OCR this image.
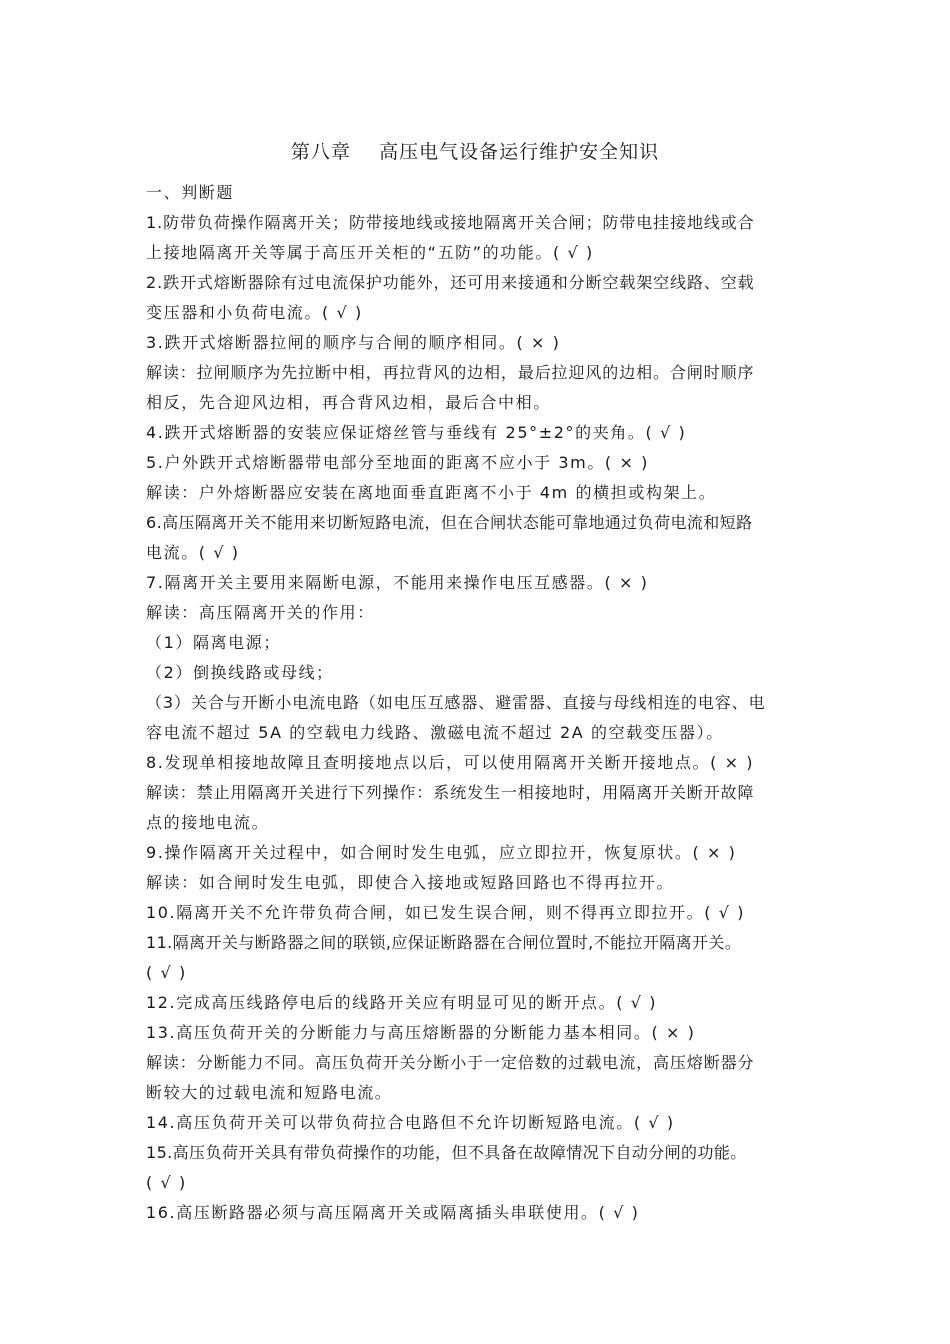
第八章    高压电气设备运行维护安全知识
一、判断题
1.防带负荷操作隔离开关；防带接地线或接地隔离开关合闸；防带电挂接地线或合
上接地隔离开关等属于高压开关柜的“五防”的功能。( √ )
2.跌开式熔断器除有过电流保护功能外，还可用来接通和分断空载架空线路、空载
变压器和小负荷电流。( √ )
3.跌开式熔断器拉闸的顺序与合闸的顺序相同。( × )
解读：拉闸顺序为先拉断中相，再拉背风的边相，最后拉迎风的边相。合闸时顺序
相反，先合迎风边相，再合背风边相，最后合中相。
4.跌开式熔断器的安装应保证熔丝管与垂线有 25°±2°的夹角。( √ )
5.户外跌开式熔断器带电部分至地面的距离不应小于 3m。( × )
解读：户外熔断器应安装在离地面垂直距离不小于 4m 的横担或构架上。
6.高压隔离开关不能用来切断短路电流，但在合闸状态能可靠地通过负荷电流和短路
电流。( √ )
7.隔离开关主要用来隔断电源，不能用来操作电压互感器。( × )
解读：高压隔离开关的作用：
（1）隔离电源；
（2）倒换线路或母线；
（3）关合与开断小电流电路（如电压互感器、避雷器、直接与母线相连的电容、电
容电流不超过 5A 的空载电力线路、激磁电流不超过 2A 的空载变压器）。
8.发现单相接地故障且查明接地点以后，可以使用隔离开关断开接地点。( × )
解读：禁止用隔离开关进行下列操作：系统发生一相接地时，用隔离开关断开故障
点的接地电流。
9.操作隔离开关过程中，如合闸时发生电弧，应立即拉开，恢复原状。( × )
解读：如合闸时发生电弧，即使合入接地或短路回路也不得再拉开。
10.隔离开关不允许带负荷合闸，如已发生误合闸，则不得再立即拉开。( √ )
11.隔离开关与断路器之间的联锁,应保证断路器在合闸位置时,不能拉开隔离开关。
( √ )
12.完成高压线路停电后的线路开关应有明显可见的断开点。( √ )
13.高压负荷开关的分断能力与高压熔断器的分断能力基本相同。( × )
解读：分断能力不同。高压负荷开关分断小于一定倍数的过载电流，高压熔断器分
断较大的过载电流和短路电流。
14.高压负荷开关可以带负荷拉合电路但不允许切断短路电流。( √ )
15.高压负荷开关具有带负荷操作的功能，但不具备在故障情况下自动分闸的功能。
( √ )
16.高压断路器必须与高压隔离开关或隔离插头串联使用。( √ )
